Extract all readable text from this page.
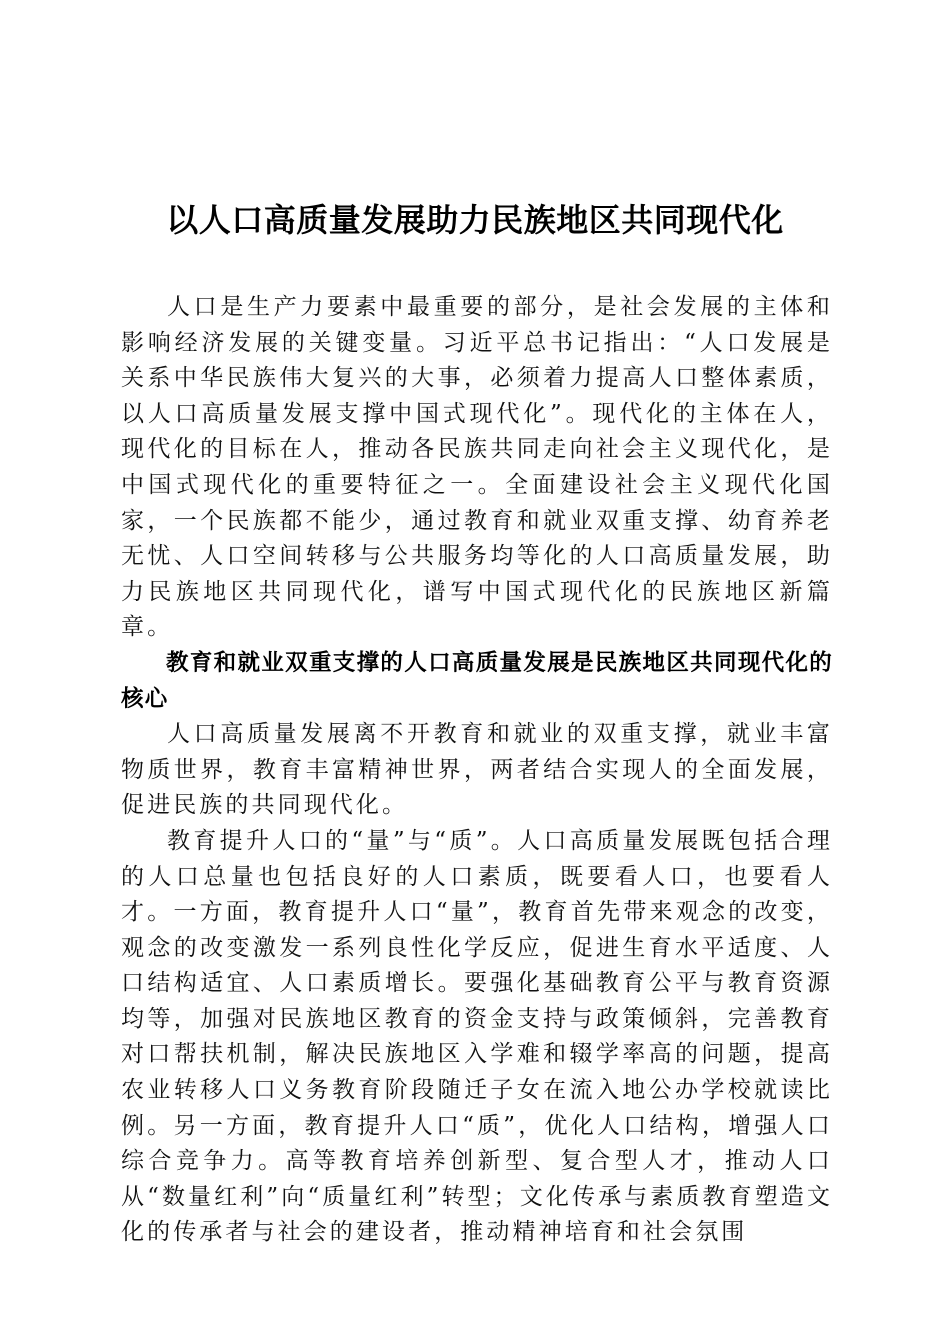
以人口高质量发展助力民族地区共同现代化

人口是生产力要素中最重要的部分，是社会发展的主体和影响经济发展的关键变量。习近平总书记指出：“人口发展是关系中华民族伟大复兴的大事，必须着力提高人口整体素质，以人口高质量发展支撑中国式现代化”。现代化的主体在人，现代化的目标在人，推动各民族共同走向社会主义现代化，是中国式现代化的重要特征之一。全面建设社会主义现代化国家，一个民族都不能少，通过教育和就业双重支撑、幼育养老无忧、人口空间转移与公共服务均等化的人口高质量发展，助力民族地区共同现代化，谱写中国式现代化的民族地区新篇章。

教育和就业双重支撑的人口高质量发展是民族地区共同现代化的核心

人口高质量发展离不开教育和就业的双重支撑，就业丰富物质世界，教育丰富精神世界，两者结合实现人的全面发展，促进民族的共同现代化。

教育提升人口的“量”与“质”。人口高质量发展既包括合理的人口总量也包括良好的人口素质，既要看人口，也要看人才。一方面，教育提升人口“量”，教育首先带来观念的改变，观念的改变激发一系列良性化学反应，促进生育水平适度、人口结构适宜、人口素质增长。要强化基础教育公平与教育资源均等，加强对民族地区教育的资金支持与政策倾斜，完善教育对口帮扶机制，解决民族地区入学难和辍学率高的问题，提高农业转移人口义务教育阶段随迁子女在流入地公办学校就读比例。另一方面，教育提升人口“质”，优化人口结构，增强人口综合竞争力。高等教育培养创新型、复合型人才，推动人口从“数量红利”向“质量红利”转型；文化传承与素质教育塑造文化的传承者与社会的建设者，推动精神培育和社会氛围
